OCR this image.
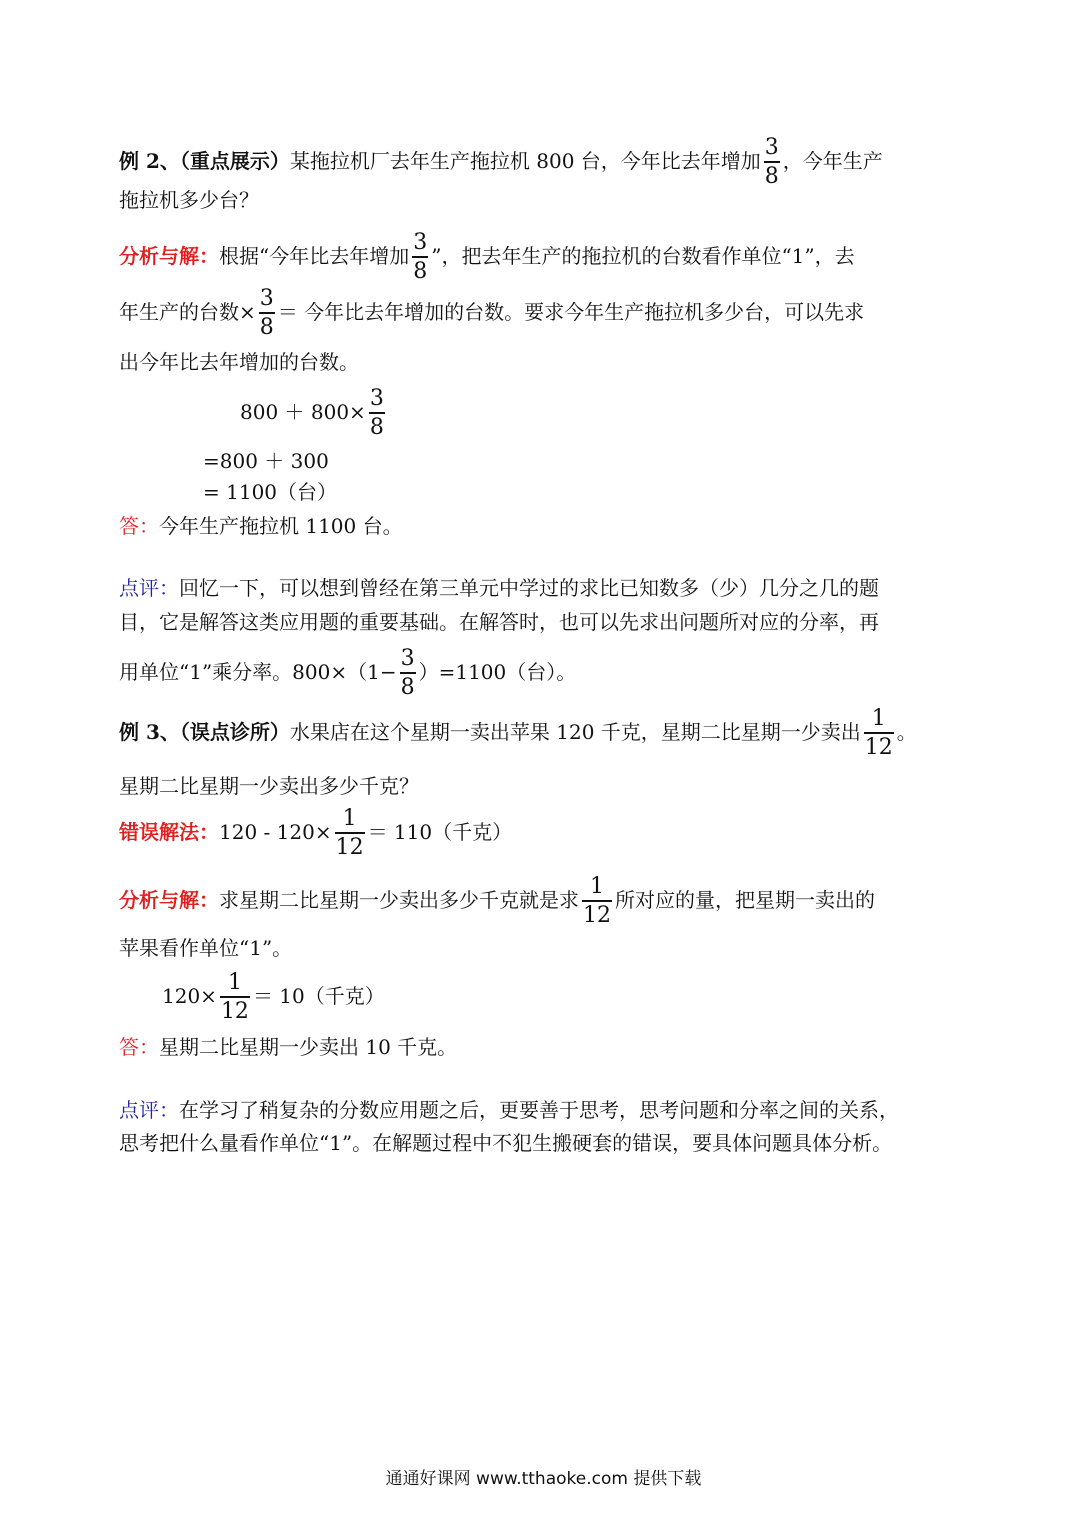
例 2、（重点展示）某拖拉机厂去年生产拖拉机 800 台，今年比去年增加 $\frac{3}{8}$ ，今年生产
拖拉机多少台？
分析与解：根据“今年比去年增加 $\frac{3}{8}$ ”，把去年生产的拖拉机的台数看作单位“1”，去
年生产的台数× $\frac{3}{8}$ ＝ 今年比去年增加的台数。要求今年生产拖拉机多少台，可以先求
出今年比去年增加的台数。
$800 + 800\times \frac{3}{8}$
=800 ＋ 300
= 1100（台）
答：今年生产拖拉机 1100 台。
点评：回忆一下，可以想到曾经在第三单元中学过的求比已知数多（少）几分之几的题
目，它是解答这类应用题的重要基础。在解答时，也可以先求出问题所对应的分率，再
用单位“1”乘分率。$800\times(1- \frac{3}{8} )=1100$（台）。
例 3、（误点诊所）水果店在这个星期一卖出苹果 120 千克，星期二比星期一少卖出 $\frac{1}{12}$ 。
星期二比星期一少卖出多少千克？
错误解法：$120 - 120\times \frac{1}{12} = 110$（千克）
分析与解：求星期二比星期一少卖出多少千克就是求 $\frac{1}{12}$ 所对应的量，把星期一卖出的
苹果看作单位“1”。
$120\times \frac{1}{12} = 10$（千克）
答：星期二比星期一少卖出 10 千克。
点评：在学习了稍复杂的分数应用题之后，更要善于思考，思考问题和分率之间的关系，
思考把什么量看作单位“1”。在解题过程中不犯生搬硬套的错误，要具体问题具体分析。
通通好课网 www.tthaoke.com 提供下载
